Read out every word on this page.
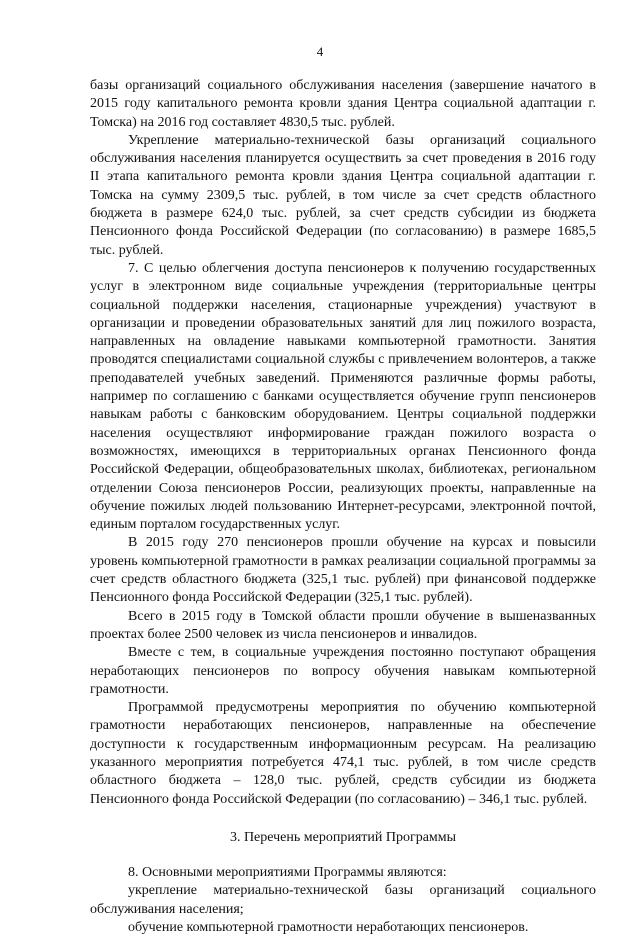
4

базы организаций социального обслуживания населения (завершение начатого в 2015 году капитального ремонта кровли здания Центра социальной адаптации г. Томска) на 2016 год составляет 4830,5 тыс. рублей.

Укрепление материально-технической базы организаций социального обслуживания населения планируется осуществить за счет проведения в 2016 году II этапа капитального ремонта кровли здания Центра социальной адаптации г. Томска на сумму 2309,5 тыс. рублей, в том числе за счет средств областного бюджета в размере 624,0 тыс. рублей, за счет средств субсидии из бюджета Пенсионного фонда Российской Федерации (по согласованию) в размере 1685,5 тыс. рублей.

7. С целью облегчения доступа пенсионеров к получению государственных услуг в электронном виде социальные учреждения (территориальные центры социальной поддержки населения, стационарные учреждения) участвуют в организации и проведении образовательных занятий для лиц пожилого возраста, направленных на овладение навыками компьютерной грамотности. Занятия проводятся специалистами социальной службы с привлечением волонтеров, а также преподавателей учебных заведений. Применяются различные формы работы, например по соглашению с банками осуществляется обучение групп пенсионеров навыкам работы с банковским оборудованием. Центры социальной поддержки населения осуществляют информирование граждан пожилого возраста о возможностях, имеющихся в территориальных органах Пенсионного фонда Российской Федерации, общеобразовательных школах, библиотеках, региональном отделении Союза пенсионеров России, реализующих проекты, направленные на обучение пожилых людей пользованию Интернет-ресурсами, электронной почтой, единым порталом государственных услуг.

В 2015 году 270 пенсионеров прошли обучение на курсах и повысили уровень компьютерной грамотности в рамках реализации социальной программы за счет средств областного бюджета (325,1 тыс. рублей) при финансовой поддержке Пенсионного фонда Российской Федерации (325,1 тыс. рублей).

Всего в 2015 году в Томской области прошли обучение в вышеназванных проектах более 2500 человек из числа пенсионеров и инвалидов.

Вместе с тем, в социальные учреждения постоянно поступают обращения неработающих пенсионеров по вопросу обучения навыкам компьютерной грамотности.

Программой предусмотрены мероприятия по обучению компьютерной грамотности неработающих пенсионеров, направленные на обеспечение доступности к государственным информационным ресурсам. На реализацию указанного мероприятия потребуется 474,1 тыс. рублей, в том числе средств областного бюджета – 128,0 тыс. рублей, средств субсидии из бюджета Пенсионного фонда Российской Федерации (по согласованию) – 346,1 тыс. рублей.

3. Перечень мероприятий Программы

8. Основными мероприятиями Программы являются:

укрепление материально-технической базы организаций социального обслуживания населения;

обучение компьютерной грамотности неработающих пенсионеров.
